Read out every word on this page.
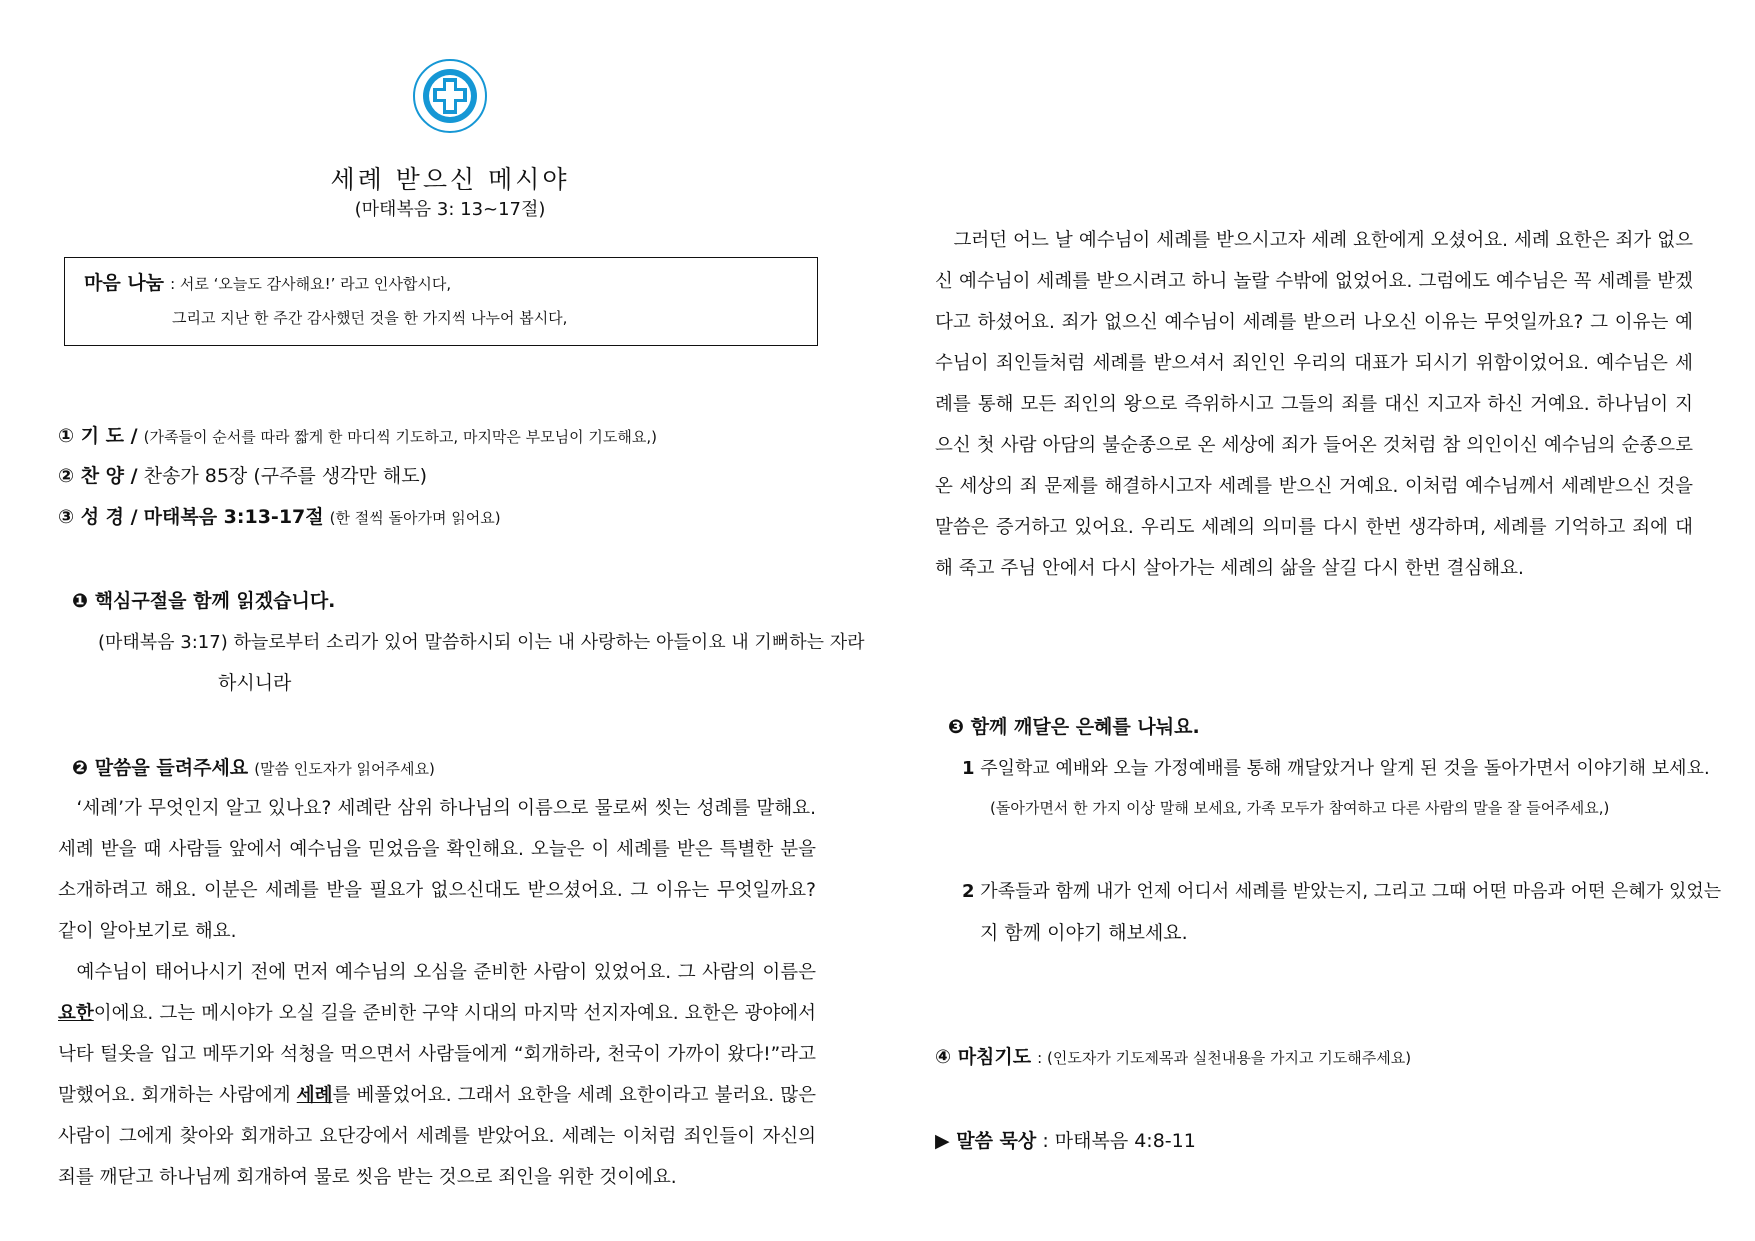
세례 받으신 메시야
(마태복음 3: 13~17절)
마음 나눔 : 서로 ‘오늘도 감사해요!’ 라고 인사합시다,
그리고 지난 한 주간 감사했던 것을 한 가지씩 나누어 봅시다,
① 기 도 / (가족들이 순서를 따라 짧게 한 마디씩 기도하고, 마지막은 부모님이 기도해요,)
② 찬 양 / 찬송가 85장 (구주를 생각만 해도)
③ 성 경 / 마태복음 3:13-17절 (한 절씩 돌아가며 읽어요)
❶ 핵심구절을 함께 읽겠습니다.
(마태복음 3:17) 하늘로부터 소리가 있어 말씀하시되 이는 내 사랑하는 아들이요 내 기뻐하는 자라
하시니라
❷ 말씀을 들려주세요 (말씀 인도자가 읽어주세요)

‘세례’가 무엇인지 알고 있나요? 세례란 삼위 하나님의 이름으로 물로써 씻는 성례를 말해요. 세례 받을 때 사람들 앞에서 예수님을 믿었음을 확인해요. 오늘은 이 세례를 받은 특별한 분을 소개하려고 해요. 이분은 세례를 받을 필요가 없으신대도 받으셨어요. 그 이유는 무엇일까요? 같이 알아보기로 해요.

예수님이 태어나시기 전에 먼저 예수님의 오심을 준비한 사람이 있었어요. 그 사람의 이름은 요한이에요. 그는 메시야가 오실 길을 준비한 구약 시대의 마지막 선지자예요. 요한은 광야에서 낙타 털옷을 입고 메뚜기와 석청을 먹으면서 사람들에게 “회개하라, 천국이 가까이 왔다!”라고 말했어요. 회개하는 사람에게 세례를 베풀었어요. 그래서 요한을 세례 요한이라고 불러요. 많은 사람이 그에게 찾아와 회개하고 요단강에서 세례를 받았어요. 세례는 이처럼 죄인들이 자신의 죄를 깨닫고 하나님께 회개하여 물로 씻음 받는 것으로 죄인을 위한 것이에요.

그러던 어느 날 예수님이 세례를 받으시고자 세례 요한에게 오셨어요. 세례 요한은 죄가 없으신 예수님이 세례를 받으시려고 하니 놀랄 수밖에 없었어요. 그럼에도 예수님은 꼭 세례를 받겠다고 하셨어요. 죄가 없으신 예수님이 세례를 받으러 나오신 이유는 무엇일까요? 그 이유는 예수님이 죄인들처럼 세례를 받으셔서 죄인인 우리의 대표가 되시기 위함이었어요. 예수님은 세례를 통해 모든 죄인의 왕으로 즉위하시고 그들의 죄를 대신 지고자 하신 거예요. 하나님이 지으신 첫 사람 아담의 불순종으로 온 세상에 죄가 들어온 것처럼 참 의인이신 예수님의 순종으로 온 세상의 죄 문제를 해결하시고자 세례를 받으신 거예요. 이처럼 예수님께서 세례받으신 것을 말씀은 증거하고 있어요. 우리도 세례의 의미를 다시 한번 생각하며, 세례를 기억하고 죄에 대해 죽고 주님 안에서 다시 살아가는 세례의 삶을 살길 다시 한번 결심해요.
❸ 함께 깨달은 은혜를 나눠요.
1 주일학교 예배와 오늘 가정예배를 통해 깨달았거나 알게 된 것을 돌아가면서 이야기해 보세요.
(돌아가면서 한 가지 이상 말해 보세요, 가족 모두가 참여하고 다른 사람의 말을 잘 들어주세요,)
2 가족들과 함께 내가 언제 어디서 세례를 받았는지, 그리고 그때 어떤 마음과 어떤 은혜가 있었는
지 함께 이야기 해보세요.
④ 마침기도 : (인도자가 기도제목과 실천내용을 가지고 기도해주세요)
▶ 말씀 묵상 : 마태복음 4:8-11
